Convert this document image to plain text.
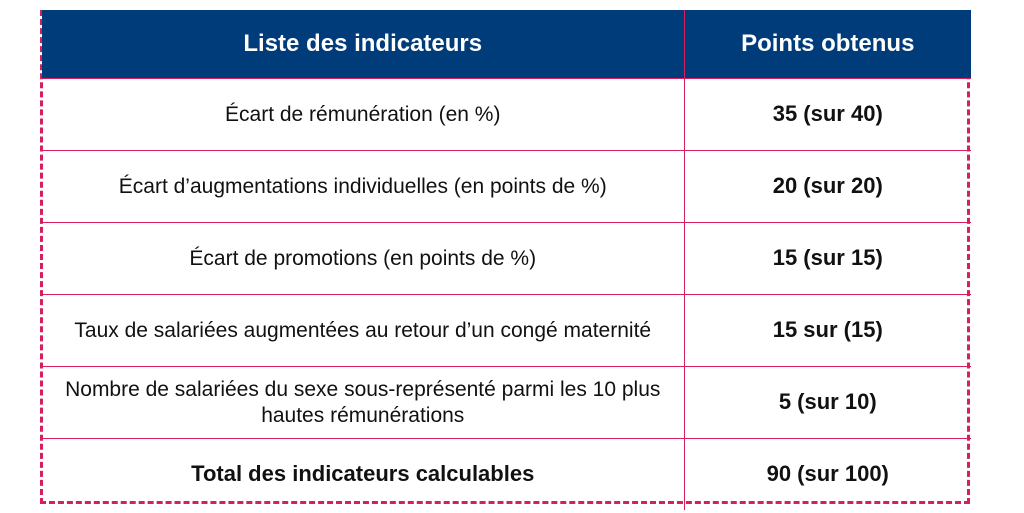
Liste des indicateurs	Points obtenus
Écart de rémunération (en %)	35 (sur 40)
Écart d’augmentations individuelles (en points de %)	20 (sur 20)
Écart de promotions (en points de %)	15 (sur 15)
Taux de salariées augmentées au retour d’un congé maternité	15 sur (15)
Nombre de salariées du sexe sous-représenté parmi les 10 plus hautes rémunérations	5 (sur 10)
Total des indicateurs calculables	90 (sur 100)
